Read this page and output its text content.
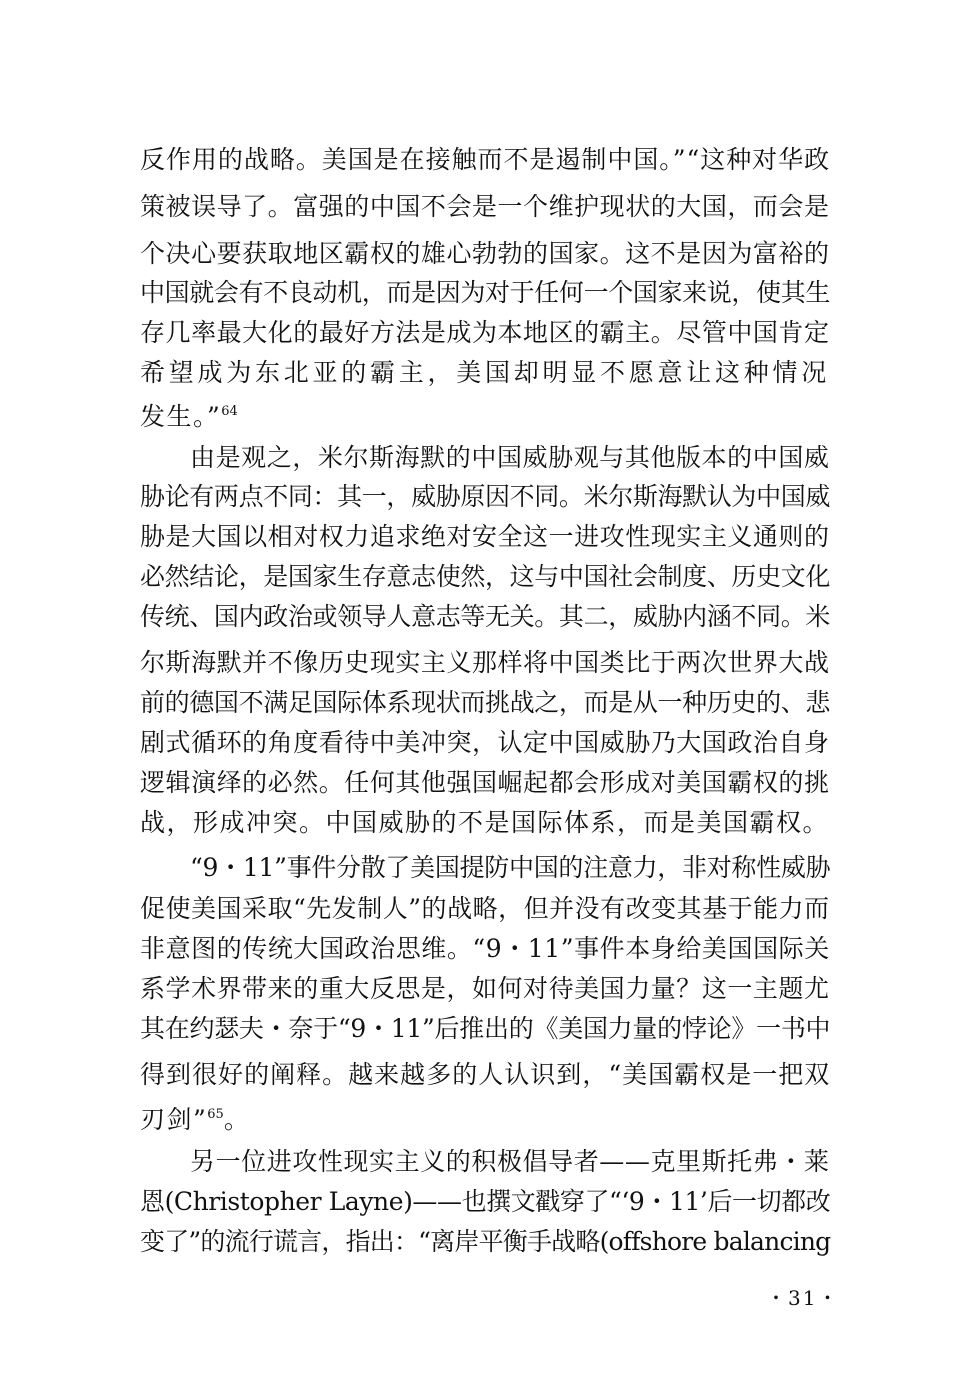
反作用的战略。美国是在接触而不是遏制中国。”“这种对华政
策被误导了。富强的中国不会是一个维护现状的大国，而会是
个决心要获取地区霸权的雄心勃勃的国家。这不是因为富裕的
中国就会有不良动机，而是因为对于任何一个国家来说，使其生
存几率最大化的最好方法是成为本地区的霸主。尽管中国肯定
希望成为东北亚的霸主，美国却明显不愿意让这种情况
发生。”$^{64}$
由是观之，米尔斯海默的中国威胁观与其他版本的中国威
胁论有两点不同：其一，威胁原因不同。米尔斯海默认为中国威
胁是大国以相对权力追求绝对安全这一进攻性现实主义通则的
必然结论，是国家生存意志使然，这与中国社会制度、历史文化
传统、国内政治或领导人意志等无关。其二，威胁内涵不同。米
尔斯海默并不像历史现实主义那样将中国类比于两次世界大战
前的德国不满足国际体系现状而挑战之，而是从一种历史的、悲
剧式循环的角度看待中美冲突，认定中国威胁乃大国政治自身
逻辑演绎的必然。任何其他强国崛起都会形成对美国霸权的挑
战，形成冲突。中国威胁的不是国际体系，而是美国霸权。
“9・11”事件分散了美国提防中国的注意力，非对称性威胁
促使美国采取“先发制人”的战略，但并没有改变其基于能力而
非意图的传统大国政治思维。“9・11”事件本身给美国国际关
系学术界带来的重大反思是，如何对待美国力量？这一主题尤
其在约瑟夫・奈于“9・11”后推出的《美国力量的悖论》一书中
得到很好的阐释。越来越多的人认识到，“美国霸权是一把双
刃剑”$^{65}$。
另一位进攻性现实主义的积极倡导者——克里斯托弗・莱
恩(Christopher Layne)——也撰文戳穿了“‘9・11’后一切都改
变了”的流行谎言，指出：“离岸平衡手战略(offshore balancing
・31・
